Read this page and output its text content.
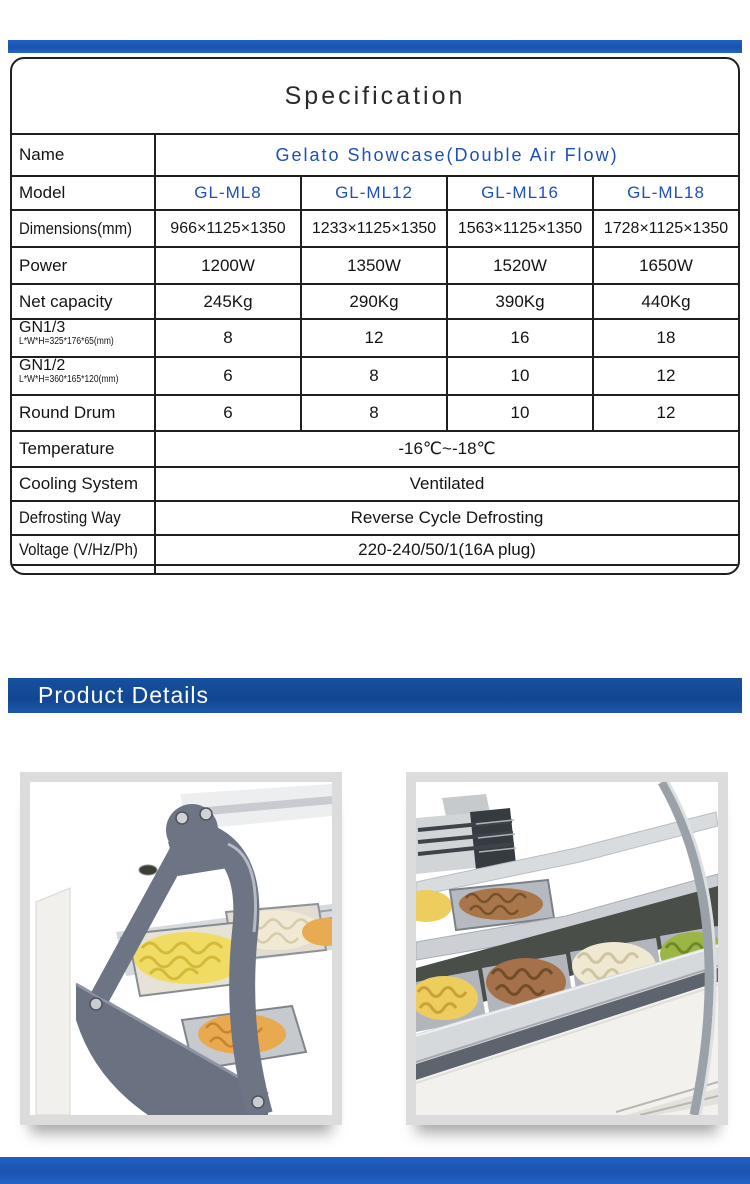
Specification
Name	Gelato Showcase(Double Air Flow)
Model	GL-ML8	GL-ML12	GL-ML16	GL-ML18
Dimensions(mm)	966×1125×1350	1233×1125×1350	1563×1125×1350	1728×1125×1350
Power	1200W	1350W	1520W	1650W
Net capacity	245Kg	290Kg	390Kg	440Kg
GN1/3
L*W*H=325*176*65(mm)	8	12	16	18
GN1/2
L*W*H=360*165*120(mm)	6	8	10	12
Round Drum	6	8	10	12
Temperature	-16℃~-18℃
Cooling System	Ventilated
Defrosting Way	Reverse Cycle Defrosting
Voltage (V/Hz/Ph)	220-240/50/1(16A plug)
Product Details
